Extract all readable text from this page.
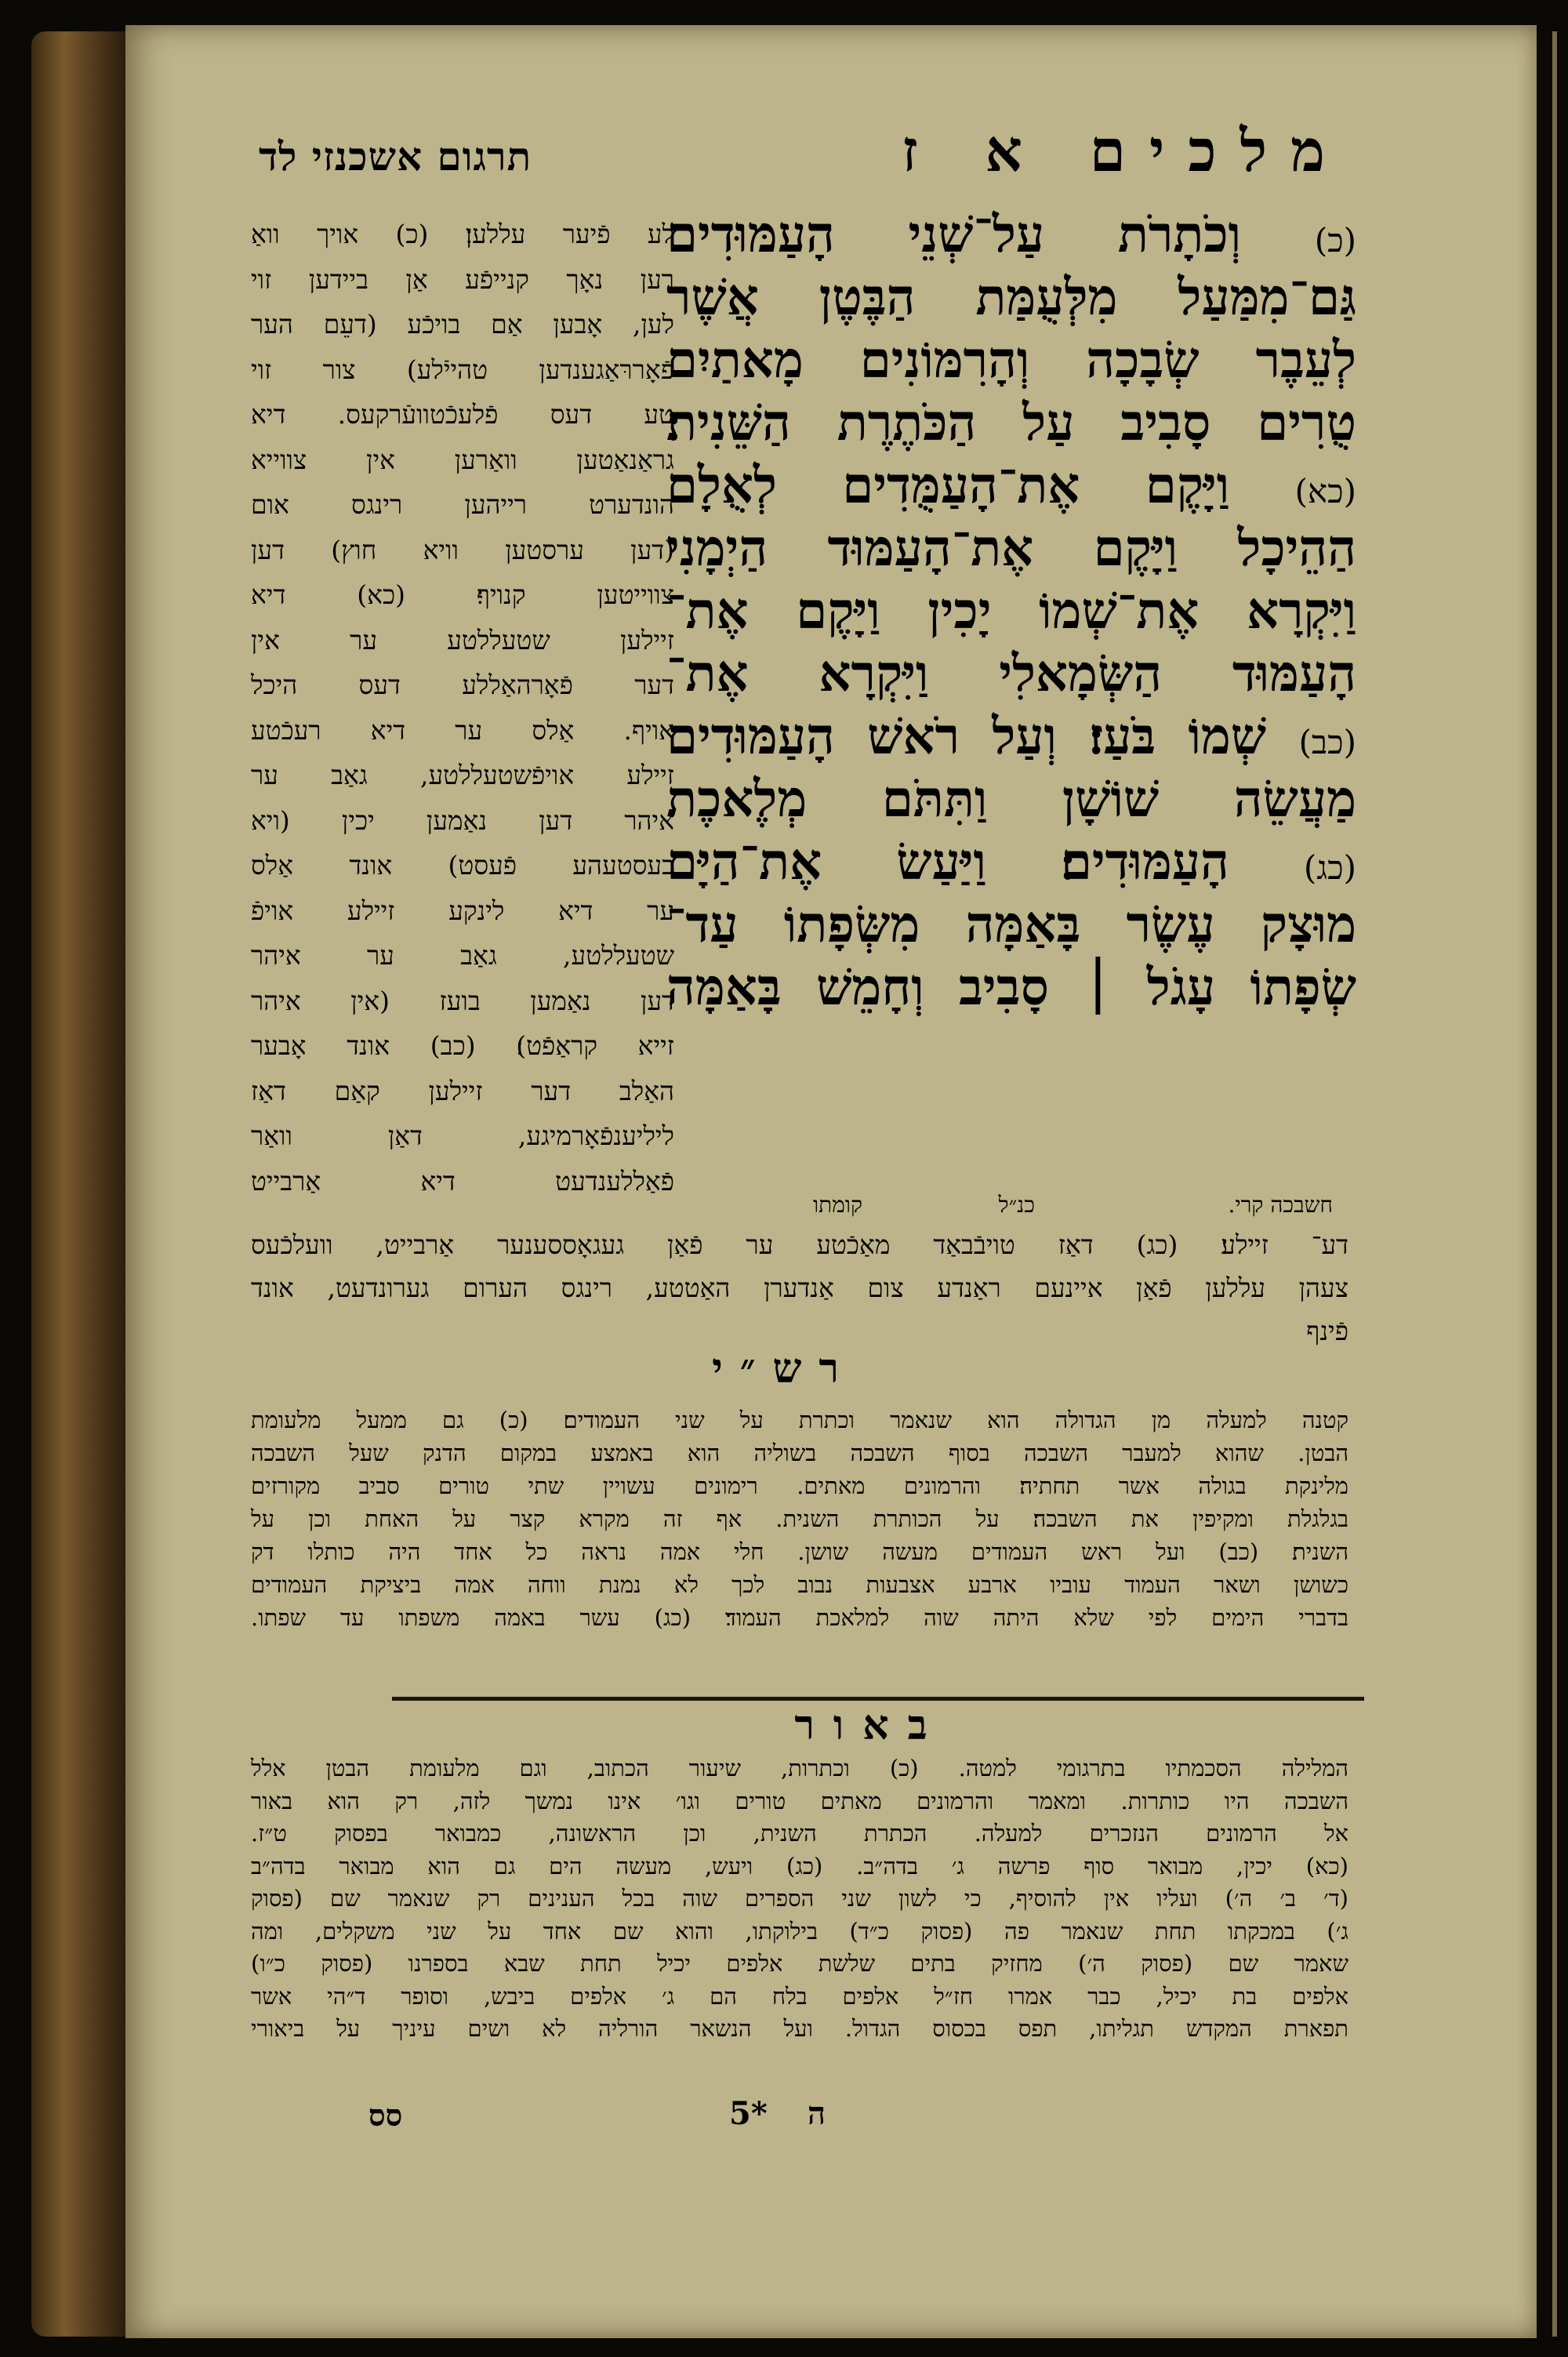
תרגום אשכנזי לד	מלכים א ז
לע פֿיער עללען׃ (כ) אויך וואַ
רען נאָך קנייפֿע אַן ביידען זוי
לען, אָבען אַם בויכֿע (דעֵם הער
פֿאָררּאַגענדען טהייֿלע) צור זוי
טע דעס פֿלעכֿטוועֿרקעס. דיא
גראַנאַטען וואַרען אין צווייא
הונדערט רייהען רינגס אום
(דען ערסטען וויא חוץ) דען
צווייטען קנויף׃ (כא) דיא
זיילען שטעללטע ער אין
דער פֿאָרהאַללע דעס היכל
אויף. אַלס ער דיא רעכֿטע
זיילע אויפֿשטעללטע, גאַב ער
איהר דען נאַמען יכין (ויא
בעסטעהע פֿעסט) אונד אַלס
ער דיא לינקע זיילע אויפֿ
שטעללטע, גאַב ער איהר
דען נאַמען בועז (אין איהר
זייא קראַפֿט)׃ (כב) אונד אָבער
האַלב דער זיילען קאַם דאַז
ליליענפֿאָרמיגע, דאַן וואַר
פֿאַללענדעט דיא אַרבייט
(כ) וְכֹתָרֹת עַל־שְׁנֵי הָעַמּוּדִים
גַּם־מִמַּעַל מִלְּעֻמַּת הַבֶּטֶן אֲשֶׁר
לְעֵבֶר שְׂבָכָה וְהָרִמּוֹנִים מָאתַיִם
טֻרִים סָבִיב עַל הַכֹּתֶרֶת הַשֵּׁנִית׃
(כא) וַיָּקֶם אֶת־הָעַמֻּדִים לְאֻלָם
הַהֵיכָל וַיָּקֶם אֶת־הָעַמּוּד הַיְמָנִי
וַיִּקְרָא אֶת־שְׁמוֹ יָכִין וַיָּקֶם אֶת־
הָעַמּוּד הַשְּׂמָאלִי וַיִּקְרָא אֶת־
(כב) שְׁמוֹ בֹּעַז׃ וְעַל רֹאשׁ הָעַמּוּדִים
מַעֲשֵׂה שׁוֹשָׁן וַתִּתֹּם מְלֶאכֶת
(כג) הָעַמּוּדִים׃ וַיַּעַשׂ אֶת־הַיָּם
מוּצָק עֶשֶׂר בָּאַמָּה מִשְּׂפָתוֹ עַד־
שְׂפָתוֹ עָגֹל ׀ סָבִיב וְחָמֵשׁ בָּאַמָּה
חשבכה קרי.
כנ״ל
קומתו
דע־ זיילע׃ (כג) דאַז טויבֿבאַד מאַכֿטע ער פֿאַן געגאָססענער אַרבייט, וועלכֿעס
צעהן עללען פֿאַן איינעם ראַנדע צום אַנדערן האַטטע, רינגס הערום גערונדעט, אונד
פֿינף
רש״י
קטנה למעלה מן הגדולה הוא שנאמר וכתרת על שני העמודים׃ (כ) גם ממעל מלעומת
הבטן. שהוא למעבר השבכה בסוף השבכה בשוליה הוא באמצע במקום הדנק שעל השבכה
מלינקת בגולה אשר תחתיה׃ והרמונים מאתים. רימונים עשויין שתי טורים סביב מקורזים
בגלגלת ומקיפין את השבכה׃ על הכותרת השנית. אף זה מקרא קצר על האחת וכן על
השנית׃ (כב) ועל ראש העמודים מעשה שושן. חלי אמה נראה כל אחד היה כותלו דק
כשושן ושאר העמוד עוביו ארבע אצבעות נבוב לכך לא נמנת ווחה אמה ביציקת העמודים
בדברי הימים לפי שלא היתה שוה למלאכת העמוד׃ (כג) עשר באמה משפתו עד שפתו.
באור
המלילה הסכמתיו בתרגומי למטה. (כ) וכתרות, שיעור הכתוב, וגם מלעומת הבטן אלל
השבכה היו כותרות. ומאמר והרמונים מאתים טורים וגו׳ אינו נמשך לזה, רק הוא באור
אל הרמונים הנזכרים למעלה. הכתרת השנית, וכן הראשונה, כמבואר בפסוק ט״ז.
(כא) יכין, מבואר סוף פרשה ג׳ בדה״ב. (כג) ויעש, מעשה הים גם הוא מבואר בדה״ב
(ד׳ ב׳ ה׳) ועליו אין להוסיף, כי לשון שני הספרים שוה בכל הענינים רק שנאמר שם (פסוק
ג׳) במכקתו תחת שנאמר פה (פסוק כ״ד) בילוקתו, והוא שם אחד על שני משקלים, ומה
שאמר שם (פסוק ה׳) מחזיק בתים שלשת אלפים יכיל תחת שבא בספרנו (פסוק כ״ו)
אלפים בת יכיל, כבר אמרו חז״ל אלפים בלח הם ג׳ אלפים ביבש, וסופר ד״הי אשר
תפארת המקדש תגליתו, תפס בכסוס הגדול. ועל הנשאר הורליה לא ושים עיניך על ביאורי
סס	5* ה
